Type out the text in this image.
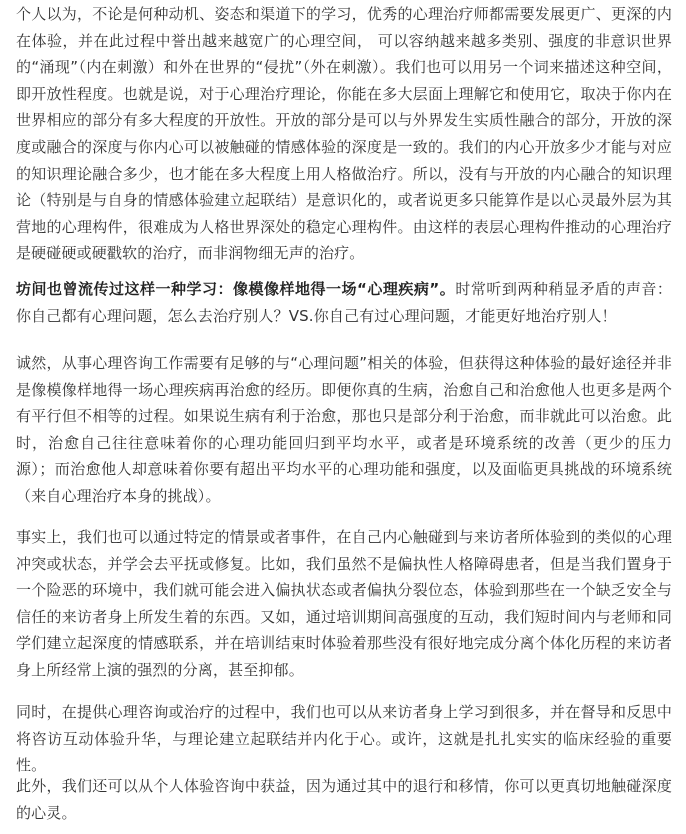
个人以为，不论是何种动机、姿态和渠道下的学习，优秀的心理治疗师都需要发展更广、更深的内在体验，并在此过程中誉出越来越宽广的心理空间， 可以容纳越来越多类别、强度的非意识世界的“涌现”（内在刺激）和外在世界的“侵扰”（外在刺激）。我们也可以用另一个词来描述这种空间，即开放性程度。也就是说，对于心理治疗理论，你能在多大层面上理解它和使用它，取决于你内在世界相应的部分有多大程度的开放性。开放的部分是可以与外界发生实质性融合的部分，开放的深度或融合的深度与你内心可以被触碰的情感体验的深度是一致的。我们的内心开放多少才能与对应的知识理论融合多少，也才能在多大程度上用人格做治疗。所以，没有与开放的内心融合的知识理论（特别是与自身的情感体验建立起联结）是意识化的，或者说更多只能算作是以心灵最外层为其营地的心理构件，很难成为人格世界深处的稳定心理构件。由这样的表层心理构件推动的心理治疗是硬碰硬或硬戳软的治疗，而非润物细无声的治疗。

坊间也曾流传过这样一种学习：像模像样地得一场“心理疾病”。时常听到两种稍显矛盾的声音：你自己都有心理问题，怎么去治疗别人？VS.你自己有过心理问题，才能更好地治疗别人！

诚然，从事心理咨询工作需要有足够的与“心理问题”相关的体验，但获得这种体验的最好途径并非是像模像样地得一场心理疾病再治愈的经历。即便你真的生病，治愈自己和治愈他人也更多是两个有平行但不相等的过程。如果说生病有利于治愈，那也只是部分利于治愈，而非就此可以治愈。此时，治愈自己往往意味着你的心理功能回归到平均水平，或者是环境系统的改善（更少的压力源）；而治愈他人却意味着你要有超出平均水平的心理功能和强度，以及面临更具挑战的环境系统（来自心理治疗本身的挑战）。

事实上，我们也可以通过特定的情景或者事件，在自己内心触碰到与来访者所体验到的类似的心理冲突或状态，并学会去平抚或修复。比如，我们虽然不是偏执性人格障碍患者，但是当我们置身于一个险恶的环境中，我们就可能会进入偏执状态或者偏执分裂位态，体验到那些在一个缺乏安全与信任的来访者身上所发生着的东西。又如，通过培训期间高强度的互动，我们短时间内与老师和同学们建立起深度的情感联系，并在培训结束时体验着那些没有很好地完成分离个体化历程的来访者身上所经常上演的强烈的分离，甚至抑郁。

同时，在提供心理咨询或治疗的过程中，我们也可以从来访者身上学习到很多，并在督导和反思中将咨访互动体验升华，与理论建立起联结并内化于心。或许，这就是扎扎实实的临床经验的重要性。

此外，我们还可以从个人体验咨询中获益，因为通过其中的退行和移情，你可以更真切地触碰深度的心灵。
